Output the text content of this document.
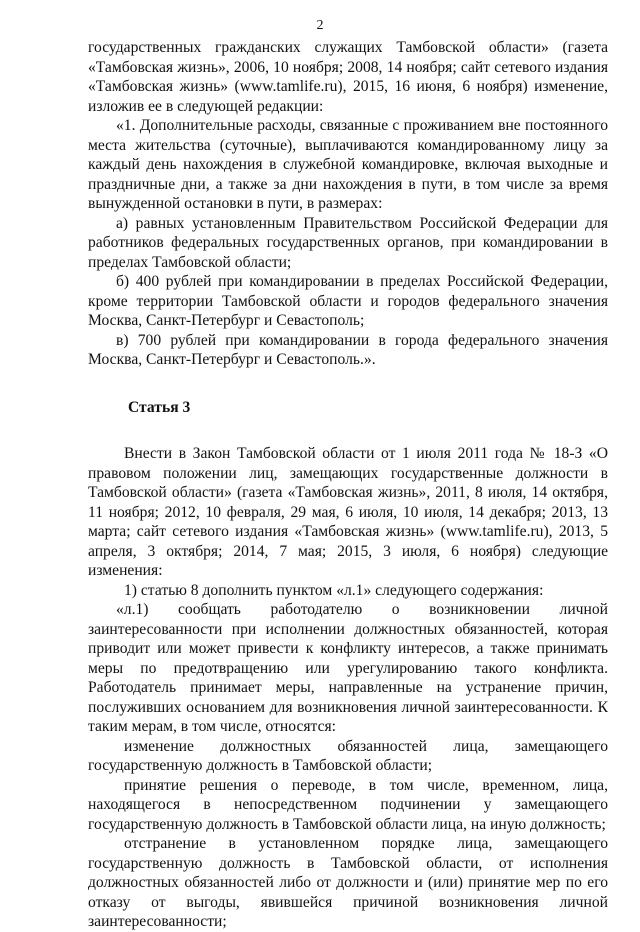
2

государственных гражданских служащих Тамбовской области» (газета «Тамбовская жизнь», 2006, 10 ноября; 2008, 14 ноября; сайт сетевого издания «Тамбовская жизнь» (www.tamlife.ru), 2015, 16 июня, 6 ноября) изменение, изложив ее в следующей редакции:

«1. Дополнительные расходы, связанные с проживанием вне постоянного места жительства (суточные), выплачиваются командированному лицу за каждый день нахождения в служебной командировке, включая выходные и праздничные дни, а также за дни нахождения в пути, в том числе за время вынужденной остановки в пути, в размерах:

а) равных установленным Правительством Российской Федерации для работников федеральных государственных органов, при командировании в пределах Тамбовской области;

б) 400 рублей при командировании в пределах Российской Федерации, кроме территории Тамбовской области и городов федерального значения Москва, Санкт-Петербург и Севастополь;

в) 700 рублей при командировании в города федерального значения Москва, Санкт-Петербург и Севастополь.».

Статья 3

Внести в Закон Тамбовской области от 1 июля 2011 года № 18-З «О правовом положении лиц, замещающих государственные должности в Тамбовской области» (газета «Тамбовская жизнь», 2011, 8 июля, 14 октября, 11 ноября; 2012, 10 февраля, 29 мая, 6 июля, 10 июля, 14 декабря; 2013, 13 марта; сайт сетевого издания «Тамбовская жизнь» (www.tamlife.ru), 2013, 5 апреля, 3 октября; 2014, 7 мая; 2015, 3 июля, 6 ноября) следующие изменения:

1) статью 8 дополнить пунктом «л.1» следующего содержания:

«л.1) сообщать работодателю о возникновении личной заинтересованности при исполнении должностных обязанностей, которая приводит или может привести к конфликту интересов, а также принимать меры по предотвращению или урегулированию такого конфликта. Работодатель принимает меры, направленные на устранение причин, послуживших основанием для возникновения личной заинтересованности. К таким мерам, в том числе, относятся:

изменение должностных обязанностей лица, замещающего государственную должность в Тамбовской области;

принятие решения о переводе, в том числе, временном, лица, находящегося в непосредственном подчинении у замещающего государственную должность в Тамбовской области лица, на иную должность;

отстранение в установленном порядке лица, замещающего государственную должность в Тамбовской области, от исполнения должностных обязанностей либо от должности и (или) принятие мер по его отказу от выгоды, явившейся причиной возникновения личной заинтересованности;
